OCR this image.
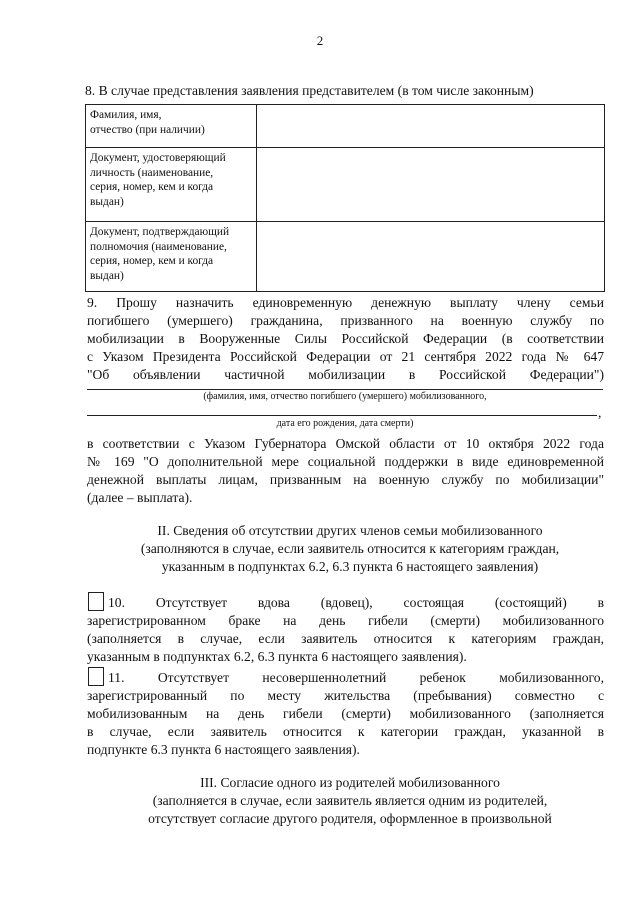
2
8. В случае представления заявления представителем (в том числе законным)
Фамилия, имя,
отчество (при наличии)	

Документ, удостоверяющий
личность (наименование,
серия, номер, кем и когда
выдан)	

Документ, подтверждающий
полномочия (наименование,
серия, номер, кем и когда
выдан)	

9. Прошу назначить единовременную денежную выплату члену семьи
погибшего (умершего) гражданина, призванного на военную службу по
мобилизации в Вооруженные Силы Российской Федерации (в соответствии
с Указом Президента Российской Федерации от 21 сентября 2022 года № 647
"Об объявлении частичной мобилизации в Российской Федерации")
(фамилия, имя, отчество погибшего (умершего) мобилизованного,
,
дата его рождения, дата смерти)
в соответствии с Указом Губернатора Омской области от 10 октября 2022 года
№ 169 "О дополнительной мере социальной поддержки в виде единовременной
денежной выплаты лицам, призванным на военную службу по мобилизации"
(далее – выплата).
II. Сведения об отсутствии других членов семьи мобилизованного
(заполняются в случае, если заявитель относится к категориям граждан,
указанным в подпунктах 6.2, 6.3 пункта 6 настоящего заявления)
10. Отсутствует вдова (вдовец), состоящая (состоящий) в
зарегистрированном браке на день гибели (смерти) мобилизованного
(заполняется в случае, если заявитель относится к категориям граждан,
указанным в подпунктах 6.2, 6.3 пункта 6 настоящего заявления).
11. Отсутствует несовершеннолетний ребенок мобилизованного,
зарегистрированный по месту жительства (пребывания) совместно с
мобилизованным на день гибели (смерти) мобилизованного (заполняется
в случае, если заявитель относится к категории граждан, указанной в
подпункте 6.3 пункта 6 настоящего заявления).
III. Согласие одного из родителей мобилизованного
(заполняется в случае, если заявитель является одним из родителей,
отсутствует согласие другого родителя, оформленное в произвольной
